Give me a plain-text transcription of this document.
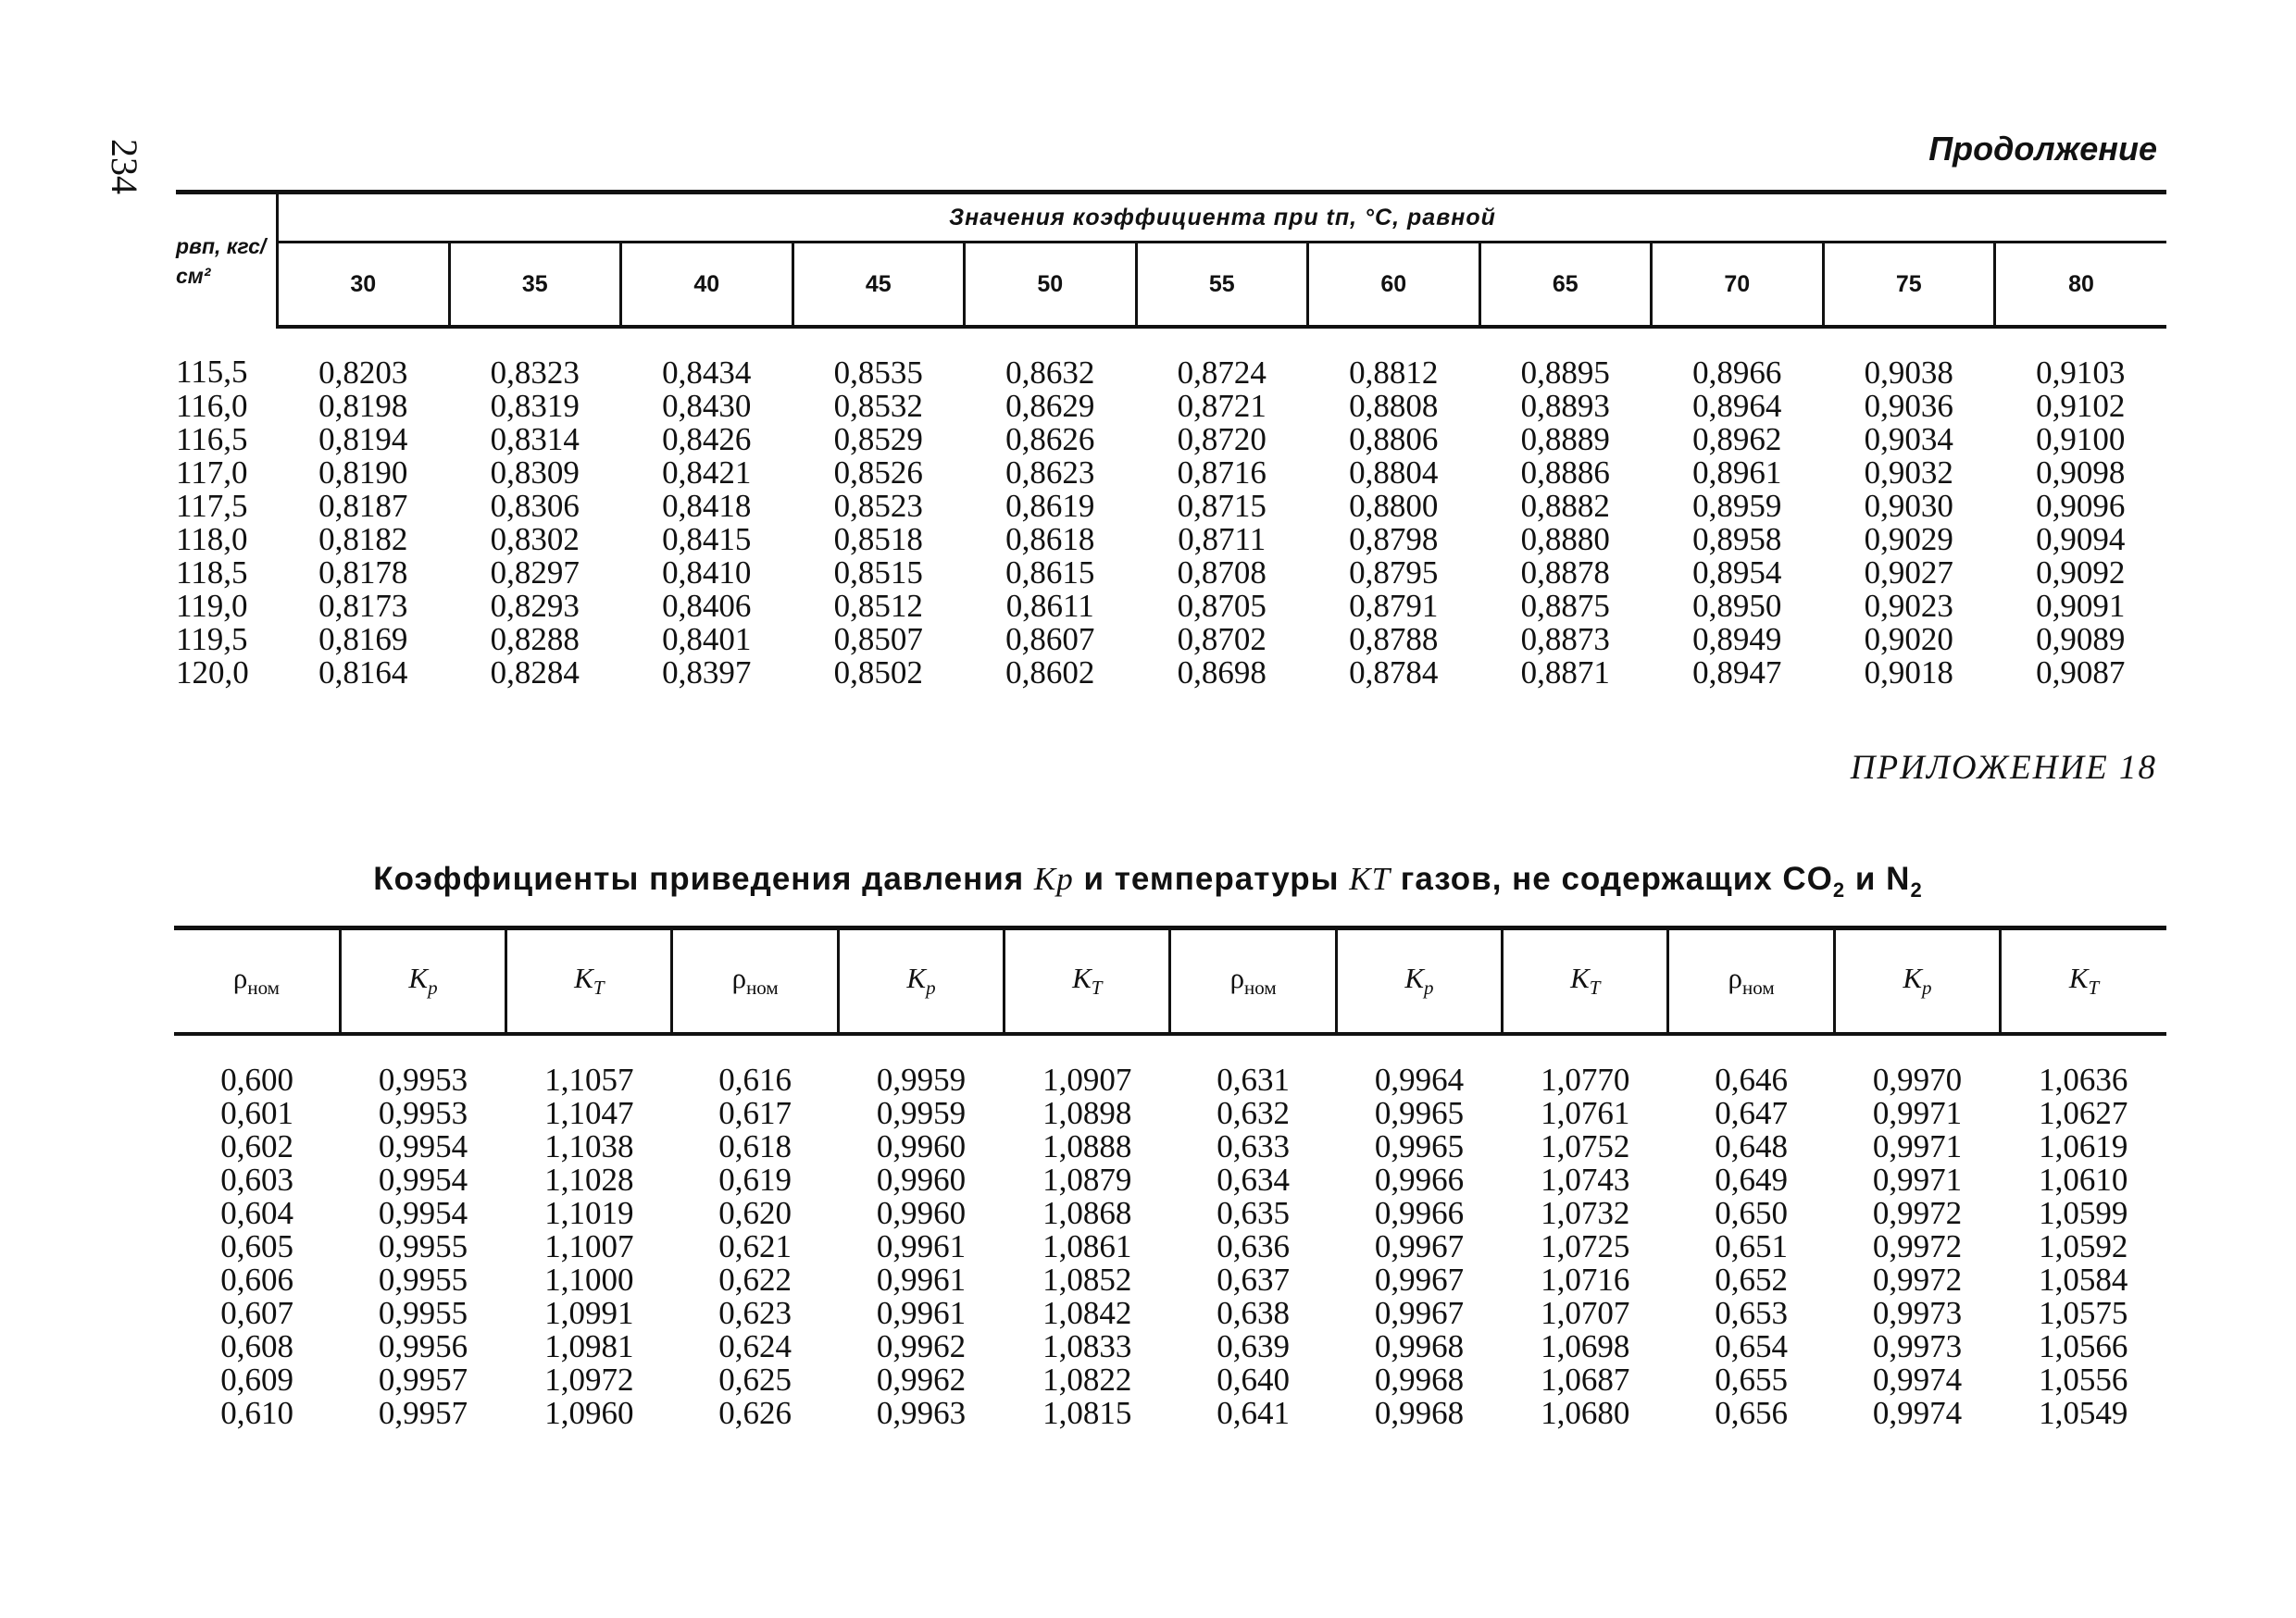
234	Продолжение
pвп, кгс/см²	Значения коэффициента при tп, °С, равной										
	30	35	40	45	50	55	60	65	70	75	80
115,5	0,8203	0,8323	0,8434	0,8535	0,8632	0,8724	0,8812	0,8895	0,8966	0,9038	0,9103
116,0	0,8198	0,8319	0,8430	0,8532	0,8629	0,8721	0,8808	0,8893	0,8964	0,9036	0,9102
116,5	0,8194	0,8314	0,8426	0,8529	0,8626	0,8720	0,8806	0,8889	0,8962	0,9034	0,9100
117,0	0,8190	0,8309	0,8421	0,8526	0,8623	0,8716	0,8804	0,8886	0,8961	0,9032	0,9098
117,5	0,8187	0,8306	0,8418	0,8523	0,8619	0,8715	0,8800	0,8882	0,8959	0,9030	0,9096
118,0	0,8182	0,8302	0,8415	0,8518	0,8618	0,8711	0,8798	0,8880	0,8958	0,9029	0,9094
118,5	0,8178	0,8297	0,8410	0,8515	0,8615	0,8708	0,8795	0,8878	0,8954	0,9027	0,9092
119,0	0,8173	0,8293	0,8406	0,8512	0,8611	0,8705	0,8791	0,8875	0,8950	0,9023	0,9091
119,5	0,8169	0,8288	0,8401	0,8507	0,8607	0,8702	0,8788	0,8873	0,8949	0,9020	0,9089
120,0	0,8164	0,8284	0,8397	0,8502	0,8602	0,8698	0,8784	0,8871	0,8947	0,9018	0,9087
ПРИЛОЖЕНИЕ 18
Коэффициенты приведения давления Kp и температуры KT газов, не содержащих $CO_2$ и $N_2$
$\rho_{ном}$	$K_p$	$K_T$	$\rho_{ном}$	$K_p$	$K_T$	$\rho_{ном}$	$K_p$	$K_T$	$\rho_{ном}$	$K_p$	$K_T$
0,600	0,9953	1,1057	0,616	0,9959	1,0907	0,631	0,9964	1,0770	0,646	0,9970	1,0636
0,601	0,9953	1,1047	0,617	0,9959	1,0898	0,632	0,9965	1,0761	0,647	0,9971	1,0627
0,602	0,9954	1,1038	0,618	0,9960	1,0888	0,633	0,9965	1,0752	0,648	0,9971	1,0619
0,603	0,9954	1,1028	0,619	0,9960	1,0879	0,634	0,9966	1,0743	0,649	0,9971	1,0610
0,604	0,9954	1,1019	0,620	0,9960	1,0868	0,635	0,9966	1,0732	0,650	0,9972	1,0599
0,605	0,9955	1,1007	0,621	0,9961	1,0861	0,636	0,9967	1,0725	0,651	0,9972	1,0592
0,606	0,9955	1,1000	0,622	0,9961	1,0852	0,637	0,9967	1,0716	0,652	0,9972	1,0584
0,607	0,9955	1,0991	0,623	0,9961	1,0842	0,638	0,9967	1,0707	0,653	0,9973	1,0575
0,608	0,9956	1,0981	0,624	0,9962	1,0833	0,639	0,9968	1,0698	0,654	0,9973	1,0566
0,609	0,9957	1,0972	0,625	0,9962	1,0822	0,640	0,9968	1,0687	0,655	0,9974	1,0556
0,610	0,9957	1,0960	0,626	0,9963	1,0815	0,641	0,9968	1,0680	0,656	0,9974	1,0549
